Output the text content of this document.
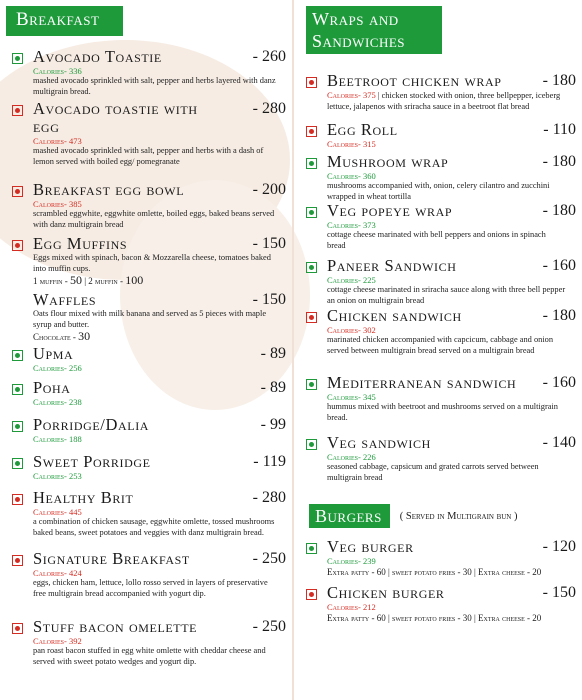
Breakfast
Avocado Toastie	- 260
Calories- 336
mashed avocado sprinkled with salt, pepper and herbs layered with danz multigrain bread.
Avocado toastie with egg
- 280
Calories- 473
mashed avocado sprinkled with salt, pepper and herbs with a dash of lemon served with boiled egg/ pomegranate
Breakfast egg bowl	- 200
Calories- 385
scrambled eggwhite, eggwhite omlette, boiled eggs, baked beans served with danz multigrain bread
Egg Muffins	- 150
Eggs mixed with spinach, bacon & Mozzarella cheese, tomatoes baked into muffin cups.
1 muffin - 50 | 2 muffin - 100
Waffles	- 150
Oats flour mixed with milk banana and served as 5 pieces with maple syrup and butter.
Chocolate - 30
Upma	- 89
Calories- 256
Poha	- 89
Calories- 238
Porridge/Dalia	- 99
Calories- 188
Sweet Porridge	- 119
Calories- 253
Healthy Brit	- 280
Calories- 445
a combination of chicken sausage, eggwhite omlette, tossed mushrooms baked beans, sweet potatoes and veggies with danz multigrain bread.
Signature Breakfast	- 250
Calories- 424
eggs, chicken ham, lettuce, lollo rosso served in layers of preservative free multigrain bread accompanied with yogurt dip.
Stuff bacon omelette	- 250
Calories- 392
pan roast bacon stuffed in egg white omlette with cheddar cheese and served with sweet potato wedges and yogurt dip.
Wraps and
Sandwiches
Beetroot chicken wrap	- 180
Calories- 375 | chicken stocked with onion, three bellpepper, iceberg lettuce, jalapenos with sriracha sauce in a beetroot flat bread
Egg Roll	- 110
Calories- 315
Mushroom wrap	- 180
Calories- 360
mushrooms accompanied with, onion, celery cilantro and zucchini wrapped in wheat tortilla
Veg popeye wrap	- 180
Calories- 373
cottage cheese marinated with bell peppers and onions in spinach bread
Paneer Sandwich	- 160
Calories- 225
cottage cheese marinated in sriracha sauce along with three bell pepper an onion on multigrain bread
Chicken sandwich	- 180
Calories- 302
marinated chicken accompanied with capcicum, cabbage and onion served between multigrain bread served on a multigrain bread
Mediterranean sandwich	- 160
Calories- 345
hummus mixed with beetroot and mushrooms served on a multigrain bread.
Veg sandwich	- 140
Calories- 226
seasoned cabbage, capsicum and grated carrots served between multigrain bread
Burgers	( Served in Multigrain bun )
Veg burger	- 120
Calories- 239
Extra patty - 60 | sweet potato fries - 30 | Extra cheese - 20
Chicken burger	- 150
Calories- 212
Extra patty - 60 | sweet potato fries - 30 | Extra cheese - 20
